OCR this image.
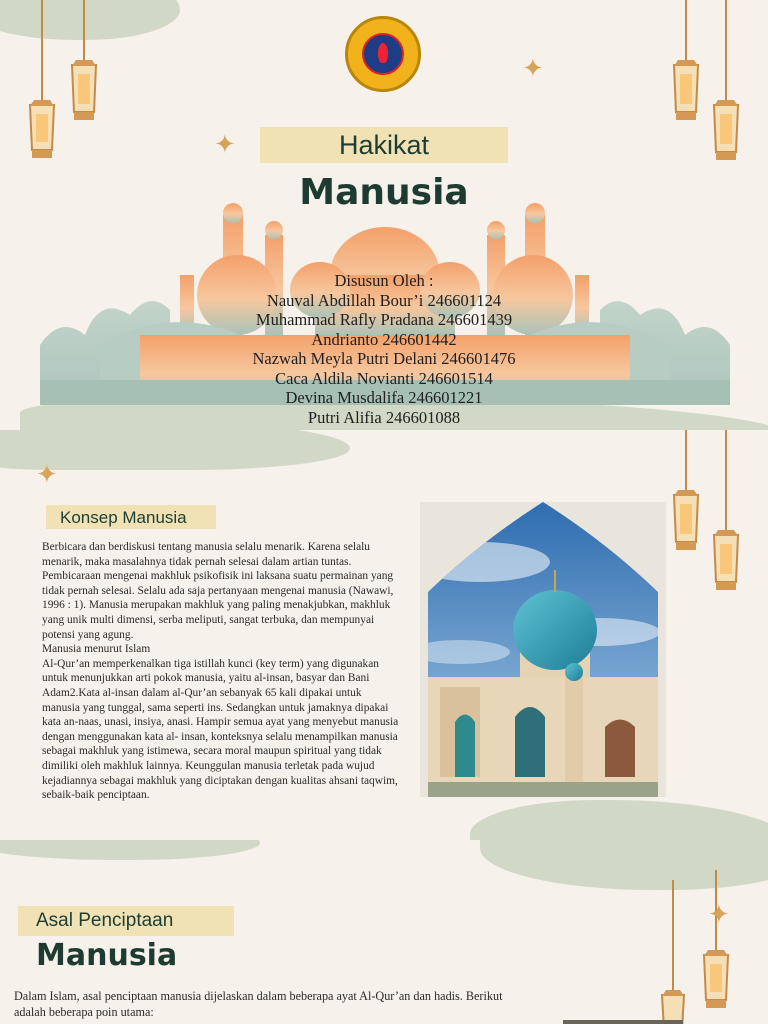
✦
✦
Hakikat
Manusia
Disusun Oleh :
Nauval Abdillah Bour’i 246601124
Muhammad Rafly Pradana 246601439
Andrianto 246601442
Nazwah Meyla Putri Delani 246601476
Caca Aldila Novianti 246601514
Devina Musdalifa 246601221
Putri Alifia 246601088
✦
Konsep Manusia
Berbicara dan berdiskusi tentang manusia selalu menarik. Karena selalu menarik, maka masalahnya tidak pernah selesai dalam artian tuntas. Pembicaraan mengenai makhluk psikofisik ini laksana suatu permainan yang tidak pernah selesai. Selalu ada saja pertanyaan mengenai manusia (Nawawi, 1996 : 1). Manusia merupakan makhluk yang paling menakjubkan, makhluk yang unik multi dimensi, serba meliputi, sangat terbuka, dan mempunyai potensi yang agung.
Manusia menurut Islam
Al-Qur’an memperkenalkan tiga istillah kunci (key term) yang digunakan untuk menunjukkan arti pokok manusia, yaitu al-insan, basyar dan Bani Adam2.Kata al-insan dalam al-Qur’an sebanyak 65 kali dipakai untuk manusia yang tunggal, sama seperti ins. Sedangkan untuk jamaknya dipakai kata an-naas, unasi, insiya, anasi. Hampir semua ayat yang menyebut manusia dengan menggunakan kata al- insan, konteksnya selalu menampilkan manusia sebagai makhluk yang istimewa, secara moral maupun spiritual yang tidak dimiliki oleh makhluk lainnya. Keunggulan manusia terletak pada wujud kejadiannya sebagai makhluk yang diciptakan dengan kualitas ahsani taqwim, sebaik-baik penciptaan.
✦
Asal Penciptaan
Manusia
Dalam Islam, asal penciptaan manusia dijelaskan dalam beberapa ayat Al-Qur’an dan hadis. Berikut adalah beberapa poin utama:
